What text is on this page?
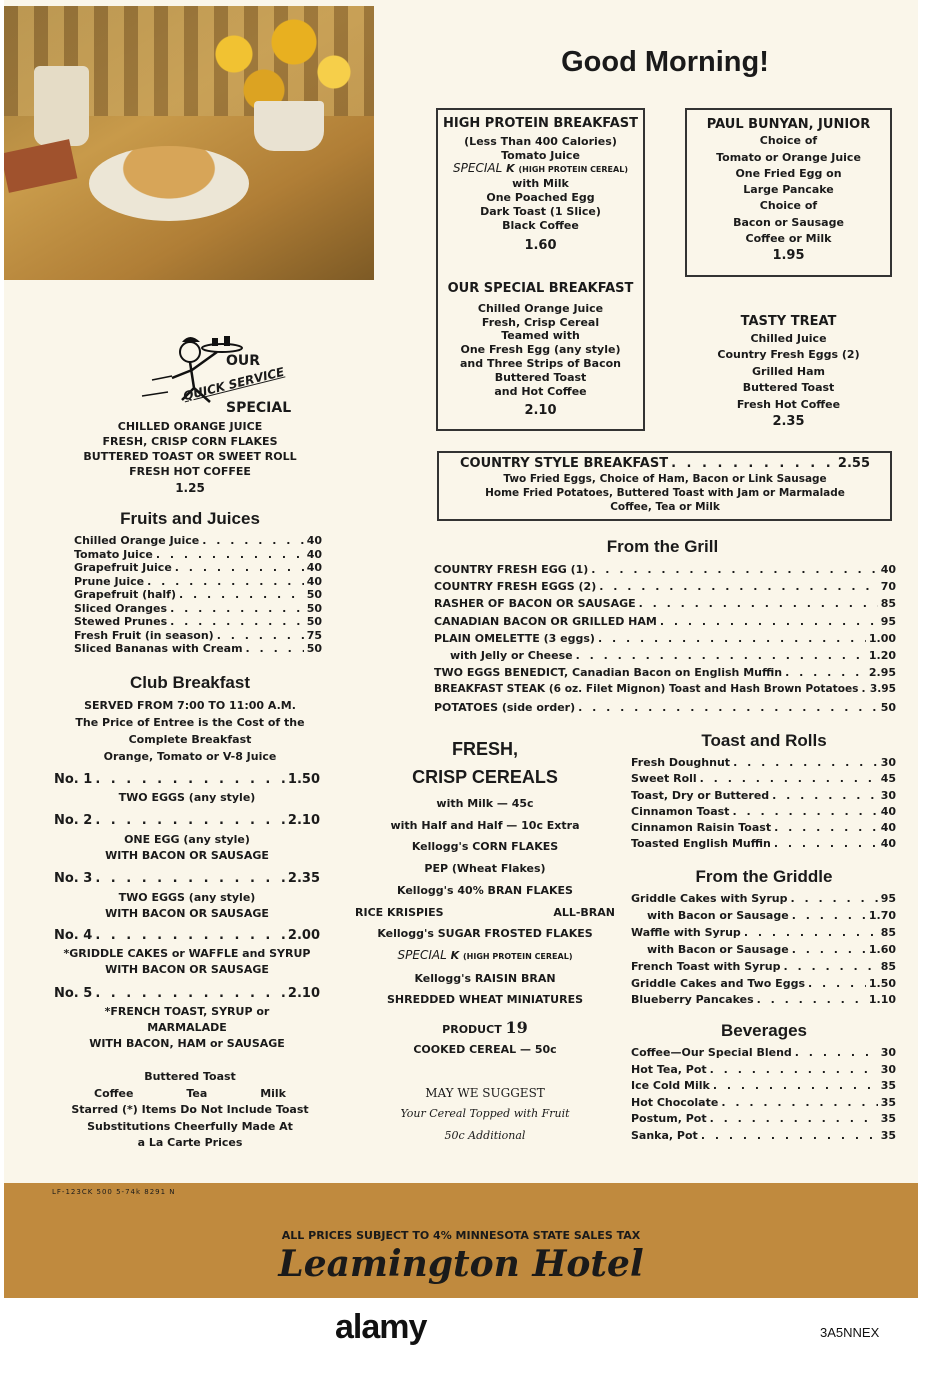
Good Morning!
OUR
QUICK SERVICE
SPECIAL
CHILLED ORANGE JUICE
FRESH, CRISP CORN FLAKES
BUTTERED TOAST OR SWEET ROLL
FRESH HOT COFFEE
1.25
Fruits and Juices
Chilled Orange Juice . . .	40
Tomato Juice . . .	40
Grapefruit Juice . . .	40
Prune Juice . . .	40
Grapefruit (half) . . .	50
Sliced Oranges . . .	50
Stewed Prunes . . .	50
Fresh Fruit (in season) . . .	75
Sliced Bananas with Cream . . .	50
Club Breakfast
SERVED FROM 7:00 TO 11:00 A.M.
The Price of Entree is the Cost of the
Complete Breakfast
Orange, Tomato or V-8 Juice
No. 1 . . .	1.50
TWO EGGS (any style)
No. 2 . . .	2.10
ONE EGG (any style)
WITH BACON OR SAUSAGE
No. 3 . . .	2.35
TWO EGGS (any style)
WITH BACON OR SAUSAGE
No. 4 . . .	2.00
*GRIDDLE CAKES or WAFFLE and SYRUP
WITH BACON OR SAUSAGE
No. 5 . . .	2.10
*FRENCH TOAST, SYRUP or
MARMALADE
WITH BACON, HAM or SAUSAGE
Buttered Toast
Coffee	Tea	Milk
Starred (*) Items Do Not Include Toast
Substitutions Cheerfully Made At
a La Carte Prices
HIGH PROTEIN BREAKFAST
(Less Than 400 Calories)
Tomato Juice
SPECIAL K (HIGH PROTEIN CEREAL)
with Milk
One Poached Egg
Dark Toast (1 Slice)
Black Coffee
1.60
OUR SPECIAL BREAKFAST
Chilled Orange Juice
Fresh, Crisp Cereal
Teamed with
One Fresh Egg (any style)
and Three Strips of Bacon
Buttered Toast
and Hot Coffee
2.10
PAUL BUNYAN, JUNIOR
Choice of
Tomato or Orange Juice
One Fried Egg on
Large Pancake
Choice of
Bacon or Sausage
Coffee or Milk
1.95
TASTY TREAT
Chilled Juice
Country Fresh Eggs (2)
Grilled Ham
Buttered Toast
Fresh Hot Coffee
2.35
COUNTRY STYLE BREAKFAST . . .	2.55
Two Fried Eggs, Choice of Ham, Bacon or Link Sausage
Home Fried Potatoes, Buttered Toast with Jam or Marmalade
Coffee, Tea or Milk
From the Grill
COUNTRY FRESH EGG (1) . . .	40
COUNTRY FRESH EGGS (2) . . .	70
RASHER OF BACON OR SAUSAGE . . .	85
CANADIAN BACON OR GRILLED HAM . . .	95
PLAIN OMELETTE (3 eggs) . . .	1.00
with Jelly or Cheese . . .	1.20
TWO EGGS BENEDICT, Canadian Bacon on English Muffin . . .	2.95
BREAKFAST STEAK (6 oz. Filet Mignon) Toast and Hash Brown Potatoes . . . 3.95
POTATOES (side order) . . .	50
FRESH,
CRISP CEREALS
with Milk — 45c
with Half and Half — 10c Extra
Kellogg's CORN FLAKES
PEP (Wheat Flakes)
Kellogg's 40% BRAN FLAKES
RICE KRISPIES	ALL-BRAN
Kellogg's SUGAR FROSTED FLAKES
SPECIAL K (HIGH PROTEIN CEREAL)
Kellogg's RAISIN BRAN
SHREDDED WHEAT MINIATURES
PRODUCT 19
COOKED CEREAL — 50c
MAY WE SUGGEST
Your Cereal Topped with Fruit
50c Additional
Toast and Rolls
Fresh Doughnut . . .	30
Sweet Roll . . .	45
Toast, Dry or Buttered . . .	30
Cinnamon Toast . . .	40
Cinnamon Raisin Toast . . .	40
Toasted English Muffin . . .	40
From the Griddle
Griddle Cakes with Syrup . . .	95
with Bacon or Sausage . . .	1.70
Waffle with Syrup . . .	85
with Bacon or Sausage . . .	1.60
French Toast with Syrup . . .	85
Griddle Cakes and Two Eggs . . .	1.50
Blueberry Pancakes . . .	1.10
Beverages
Coffee—Our Special Blend . . .	30
Hot Tea, Pot . . .	30
Ice Cold Milk . . .	35
Hot Chocolate . . .	35
Postum, Pot . . .	35
Sanka, Pot . . .	35
LF-123CK 500 5-74k 8291 N
ALL PRICES SUBJECT TO 4% MINNESOTA STATE SALES TAX
Leamington Hotel
alamy	3A5NNEX
